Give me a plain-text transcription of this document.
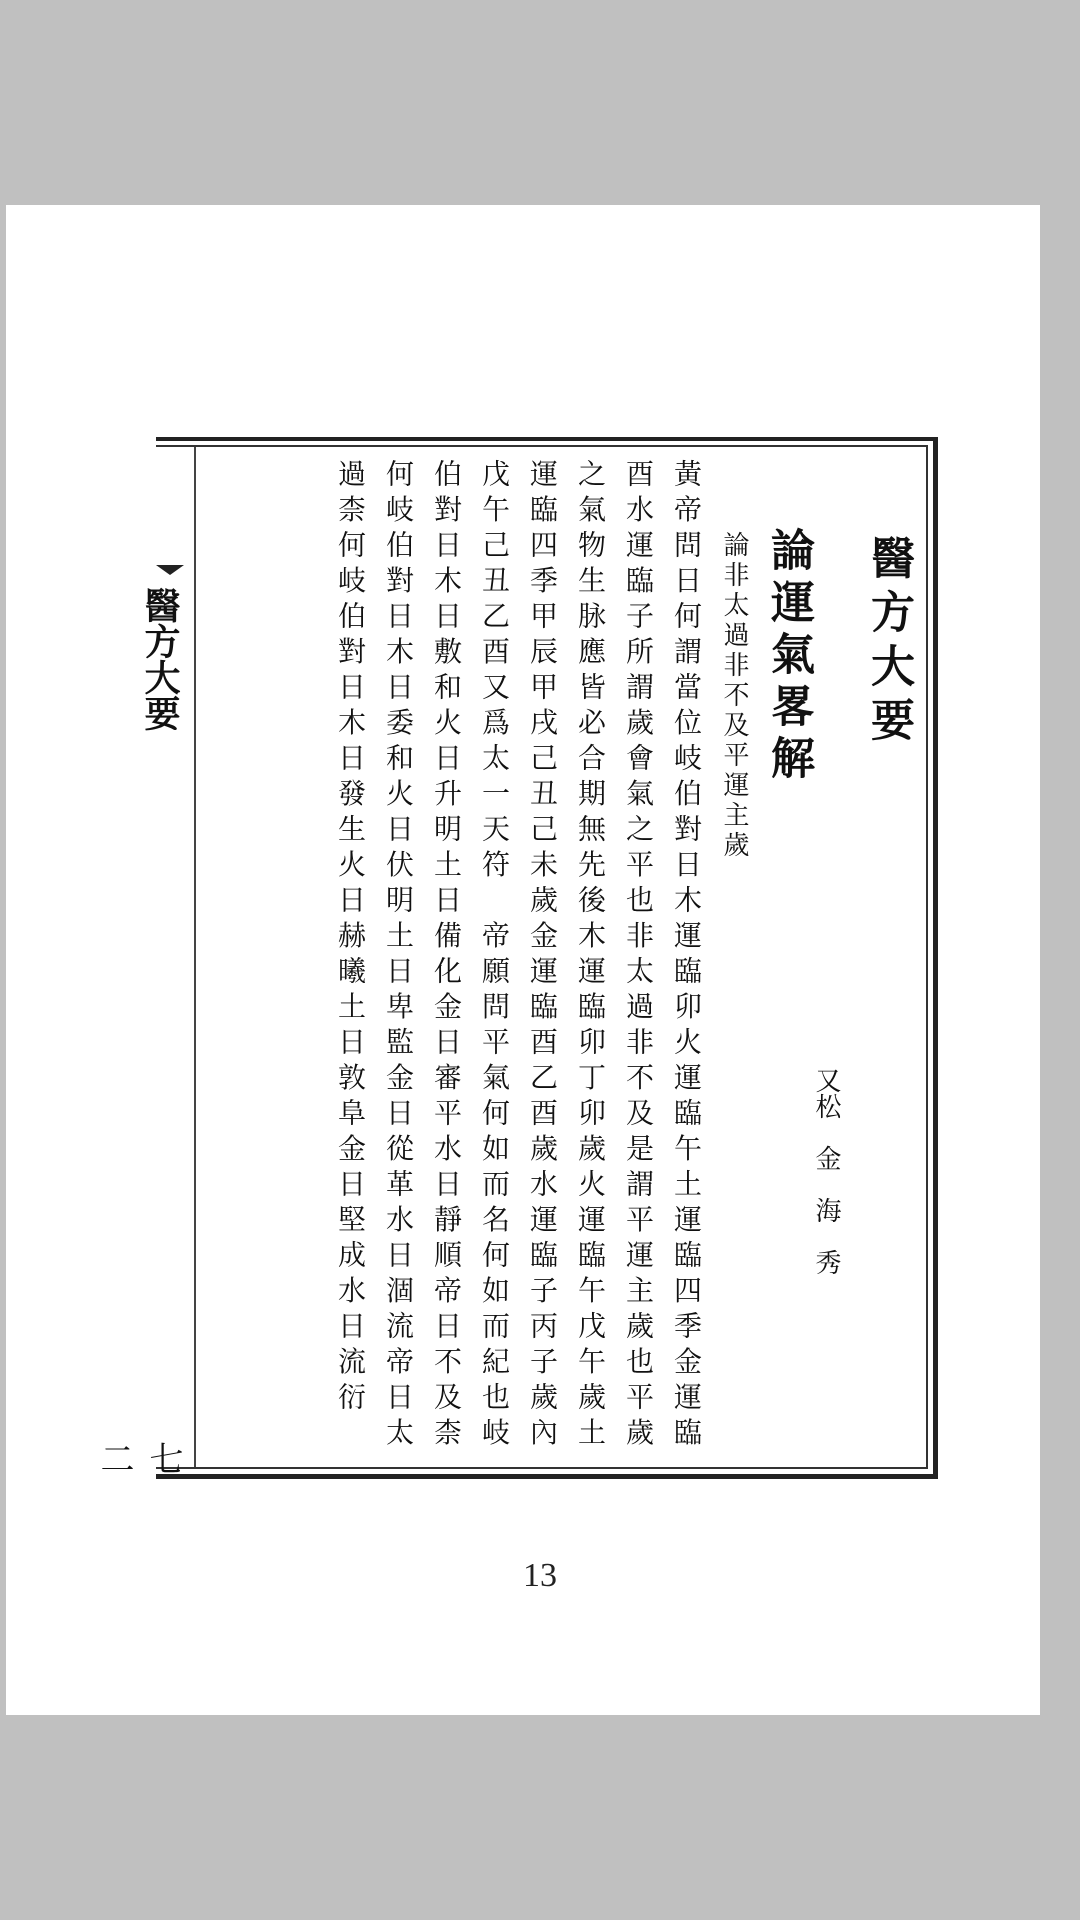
醫方大要
七二
醫方大要
又松　金　海　秀
論運氣畧解
論非太過非不及平運主歲
黃帝問日何謂當位岐伯對日木運臨卯火運臨午土運臨四季金運臨
酉水運臨子所謂歲會氣之平也非太過非不及是謂平運主歲也平歲
之氣物生脉應皆必合期無先後木運臨卯丁卯歲火運臨午戊午歲土
運臨四季甲辰甲戌己丑己未歲金運臨酉乙酉歲水運臨子丙子歲內
戊午己丑乙酉又爲太一天符　帝願問平氣何如而名何如而紀也岐
伯對日木日敷和火日升明土日備化金日審平水日靜順帝日不及柰
何岐伯對日木日委和火日伏明土日卑監金日從革水日涸流帝日太
過柰何岐伯對日木日發生火日赫曦土日敦阜金日堅成水日流衍
13
